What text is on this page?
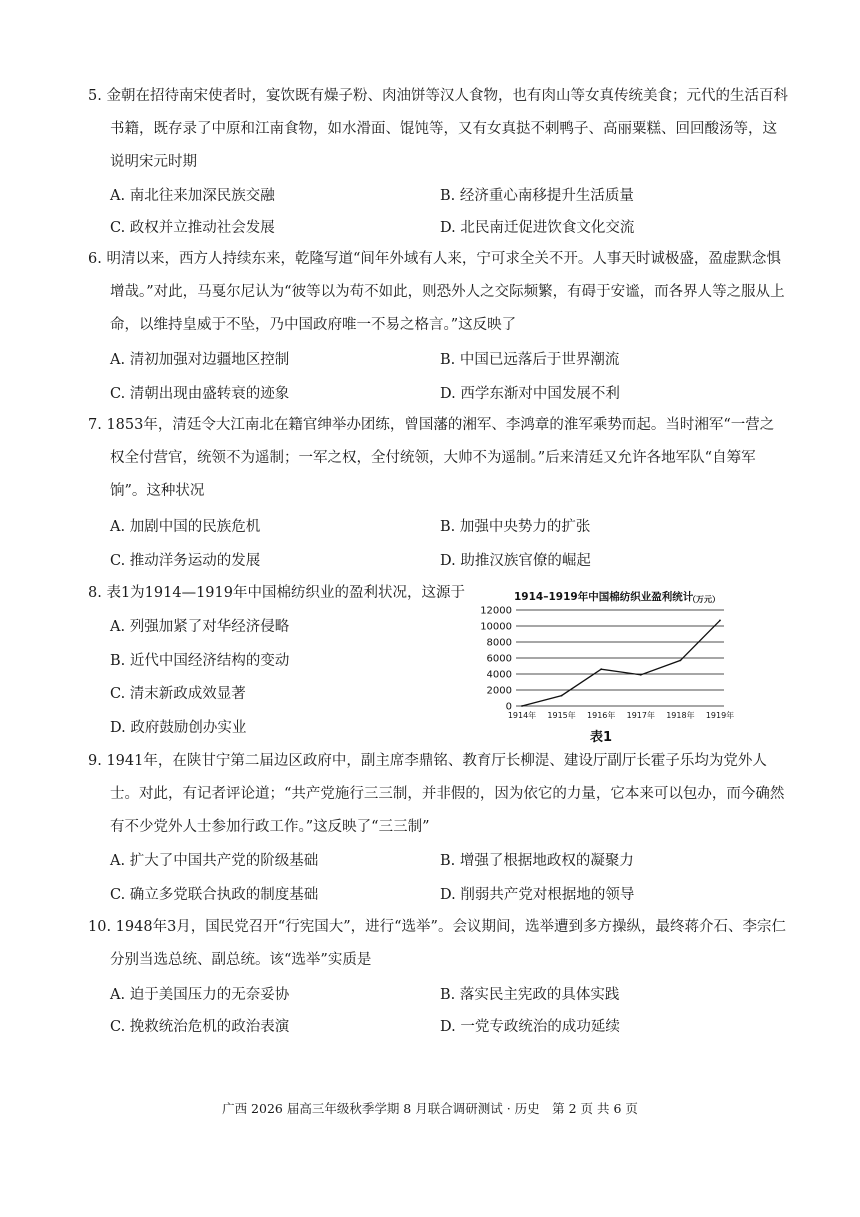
5. 金朝在招待南宋使者时，宴饮既有燥子粉、肉油饼等汉人食物，也有肉山等女真传统美食；元代的生活百科书籍，既存录了中原和江南食物，如水滑面、馄饨等，又有女真挞不剌鸭子、高丽粟糕、回回酸汤等，这说明宋元时期
A. 南北往来加深民族交融	B. 经济重心南移提升生活质量
C. 政权并立推动社会发展	D. 北民南迁促进饮食文化交流
6. 明清以来，西方人持续东来，乾隆写道“间年外域有人来，宁可求全关不开。人事天时诚极盛，盈虚默念惧增哉。”对此，马戛尔尼认为“彼等以为苟不如此，则恐外人之交际频繁，有碍于安谧，而各界人等之服从上命，以维持皇威于不坠，乃中国政府唯一不易之格言。”这反映了
A. 清初加强对边疆地区控制	B. 中国已远落后于世界潮流
C. 清朝出现由盛转衰的迹象	D. 西学东渐对中国发展不利
7. 1853年，清廷令大江南北在籍官绅举办团练，曾国藩的湘军、李鸿章的淮军乘势而起。当时湘军“一营之权全付营官，统领不为遥制；一军之权，全付统领，大帅不为遥制。”后来清廷又允许各地军队“自筹军饷”。这种状况
A. 加剧中国的民族危机	B. 加强中央势力的扩张
C. 推动洋务运动的发展	D. 助推汉族官僚的崛起
8. 表1为1914—1919年中国棉纺织业的盈利状况，这源于
A. 列强加紧了对华经济侵略
B. 近代中国经济结构的变动
C. 清末新政成效显著
D. 政府鼓励创办实业
1914–1919年中国棉纺织业盈利统计
（万元）
0
2000
4000
6000
8000
10000
12000
1914年 1915年 1916年 1917年 1918年 1919年
表1
9. 1941年，在陕甘宁第二届边区政府中，副主席李鼎铭、教育厅长柳湜、建设厅副厅长霍子乐均为党外人士。对此，有记者评论道；“共产党施行三三制，并非假的，因为依它的力量，它本来可以包办，而今确然有不少党外人士参加行政工作。”这反映了“三三制”
A. 扩大了中国共产党的阶级基础	B. 增强了根据地政权的凝聚力
C. 确立多党联合执政的制度基础	D. 削弱共产党对根据地的领导
10. 1948年3月，国民党召开“行宪国大”，进行“选举”。会议期间，选举遭到多方操纵，最终蒋介石、李宗仁分别当选总统、副总统。该“选举”实质是
A. 迫于美国压力的无奈妥协	B. 落实民主宪政的具体实践
C. 挽救统治危机的政治表演	D. 一党专政统治的成功延续
广西 2026 届高三年级秋季学期 8 月联合调研测试 · 历史　第 2 页 共 6 页
